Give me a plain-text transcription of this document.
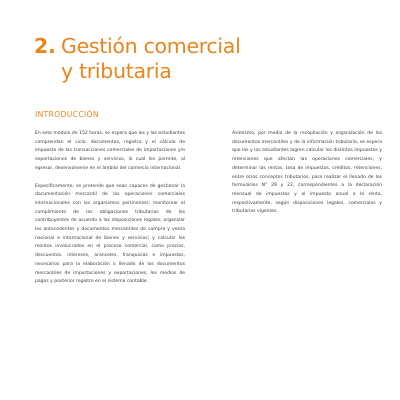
2. Gestión comercial
y tributaria
INTRODUCCIÓN

En este módulo de 152 horas, se espera que los y las estudiantes comprendan el ciclo, documentos, registro y el cálculo de impuesto de las transacciones comerciales de importaciones y/o exportaciones de bienes y servicios, lo cual les permite, al egresar, desenvolverse en el ámbito del comercio internacional.

Específicamente, se pretende que sean capaces de gestionar la documentación mercantil de las operaciones comerciales internacionales con los organismos pertinentes; monitorear el cumplimiento de las obligaciones tributarias de los contribuyentes de acuerdo a las disposiciones legales; organizar los antecedentes y documentos mercantiles de compra y venta nacional e internacional de bienes y servicios; y calcular los montos involucrados en el proceso comercial, como precios, descuentos, intereses, aranceles, franquicias e impuestos, necesarios para la elaboración o llenado de los documentos mercantiles de importaciones y exportaciones, los medios de pagos y posterior registro en el sistema contable.

Asimismo, por medio de la recopilación y organización de los documentos mercantiles y de la información tributaria, se espera que las y los estudiantes logren calcular los distintos impuestos y retenciones que afectan las operaciones comerciales, y determinar las rentas, tasa de impuestos, créditos, retenciones, entre otros conceptos tributarios, para realizar el llenado de los formularios N° 29 y 22, correspondientes a la declaración mensual de impuestos y al impuesto anual a la renta, respectivamente, según disposiciones legales, comerciales y tributarias vigentes.
